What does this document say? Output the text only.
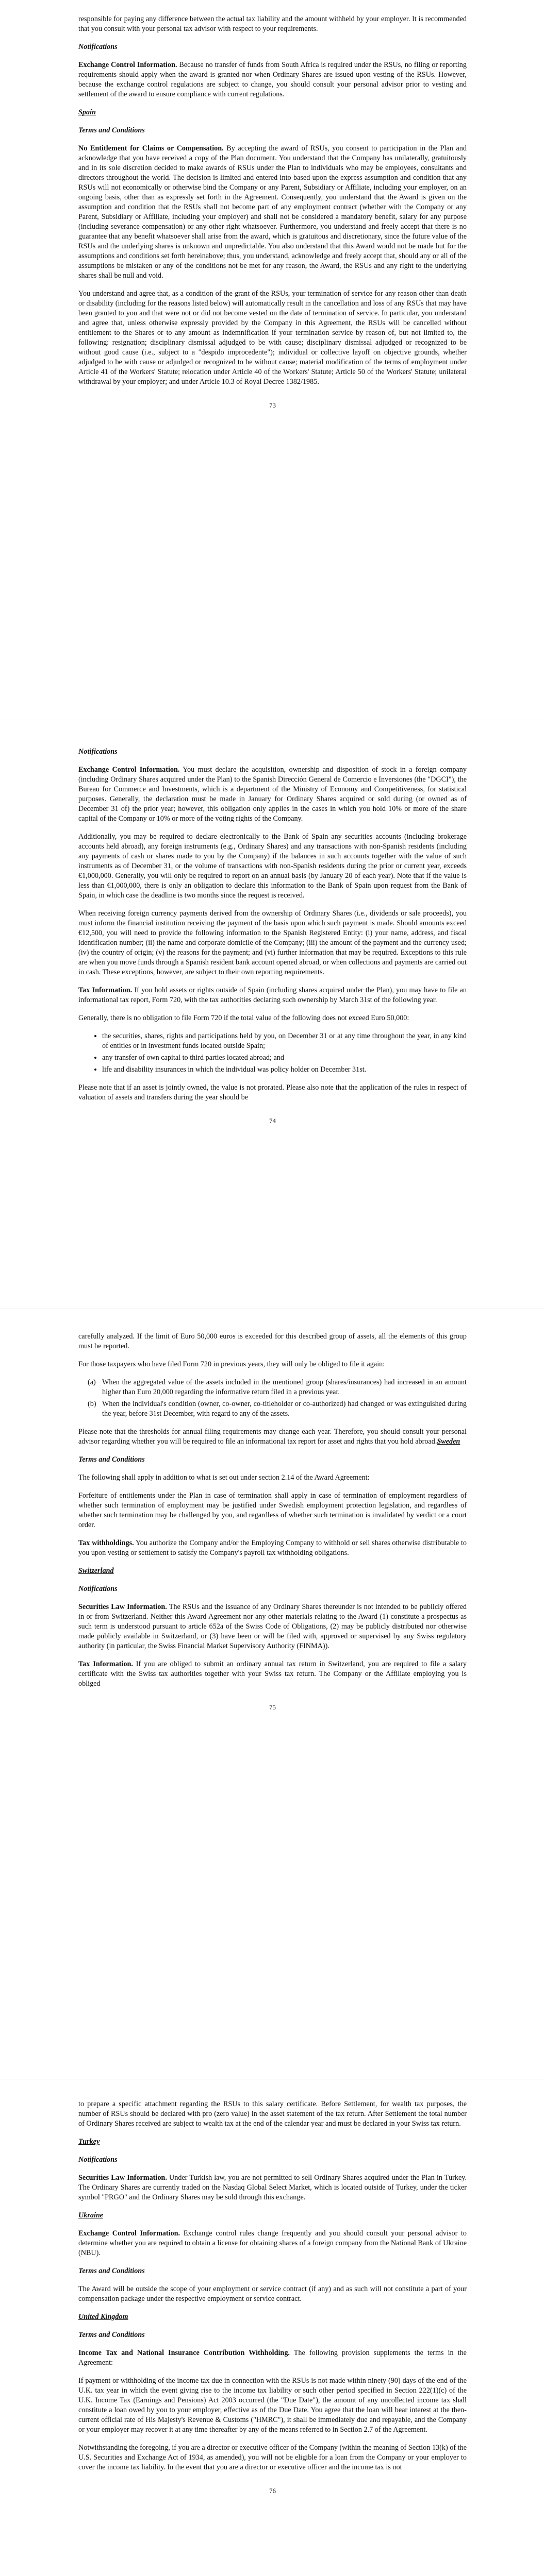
responsible for paying any difference between the actual tax liability and the amount withheld by your employer. It is recommended that you consult with your personal tax advisor with respect to your requirements.

Notifications

Exchange Control Information. Because no transfer of funds from South Africa is required under the RSUs, no filing or reporting requirements should apply when the award is granted nor when Ordinary Shares are issued upon vesting of the RSUs. However, because the exchange control regulations are subject to change, you should consult your personal advisor prior to vesting and settlement of the award to ensure compliance with current regulations.

Spain

Terms and Conditions

No Entitlement for Claims or Compensation. By accepting the award of RSUs, you consent to participation in the Plan and acknowledge that you have received a copy of the Plan document. You understand that the Company has unilaterally, gratuitously and in its sole discretion decided to make awards of RSUs under the Plan to individuals who may be employees, consultants and directors throughout the world. The decision is limited and entered into based upon the express assumption and condition that any RSUs will not economically or otherwise bind the Company or any Parent, Subsidiary or Affiliate, including your employer, on an ongoing basis, other than as expressly set forth in the Agreement. Consequently, you understand that the Award is given on the assumption and condition that the RSUs shall not become part of any employment contract (whether with the Company or any Parent, Subsidiary or Affiliate, including your employer) and shall not be considered a mandatory benefit, salary for any purpose (including severance compensation) or any other right whatsoever. Furthermore, you understand and freely accept that there is no guarantee that any benefit whatsoever shall arise from the award, which is gratuitous and discretionary, since the future value of the RSUs and the underlying shares is unknown and unpredictable. You also understand that this Award would not be made but for the assumptions and conditions set forth hereinabove; thus, you understand, acknowledge and freely accept that, should any or all of the assumptions be mistaken or any of the conditions not be met for any reason, the Award, the RSUs and any right to the underlying shares shall be null and void.

You understand and agree that, as a condition of the grant of the RSUs, your termination of service for any reason other than death or disability (including for the reasons listed below) will automatically result in the cancellation and loss of any RSUs that may have been granted to you and that were not or did not become vested on the date of termination of service. In particular, you understand and agree that, unless otherwise expressly provided by the Company in this Agreement, the RSUs will be cancelled without entitlement to the Shares or to any amount as indemnification if your termination service by reason of, but not limited to, the following: resignation; disciplinary dismissal adjudged to be with cause; disciplinary dismissal adjudged or recognized to be without good cause (i.e., subject to a "despido improcedente"); individual or collective layoff on objective grounds, whether adjudged to be with cause or adjudged or recognized to be without cause; material modification of the terms of employment under Article 41 of the Workers' Statute; relocation under Article 40 of the Workers' Statute; Article 50 of the Workers' Statute; unilateral withdrawal by your employer; and under Article 10.3 of Royal Decree 1382/1985.

73

Notifications

Exchange Control Information. You must declare the acquisition, ownership and disposition of stock in a foreign company (including Ordinary Shares acquired under the Plan) to the Spanish Dirección General de Comercio e Inversiones (the "DGCI"), the Bureau for Commerce and Investments, which is a department of the Ministry of Economy and Competitiveness, for statistical purposes. Generally, the declaration must be made in January for Ordinary Shares acquired or sold during (or owned as of December 31 of) the prior year; however, this obligation only applies in the cases in which you hold 10% or more of the share capital of the Company or 10% or more of the voting rights of the Company.

Additionally, you may be required to declare electronically to the Bank of Spain any securities accounts (including brokerage accounts held abroad), any foreign instruments (e.g., Ordinary Shares) and any transactions with non-Spanish residents (including any payments of cash or shares made to you by the Company) if the balances in such accounts together with the value of such instruments as of December 31, or the volume of transactions with non-Spanish residents during the prior or current year, exceeds €1,000,000. Generally, you will only be required to report on an annual basis (by January 20 of each year). Note that if the value is less than €1,000,000, there is only an obligation to declare this information to the Bank of Spain upon request from the Bank of Spain, in which case the deadline is two months since the request is received.

When receiving foreign currency payments derived from the ownership of Ordinary Shares (i.e., dividends or sale proceeds), you must inform the financial institution receiving the payment of the basis upon which such payment is made. Should amounts exceed €12,500, you will need to provide the following information to the Spanish Registered Entity: (i) your name, address, and fiscal identification number; (ii) the name and corporate domicile of the Company; (iii) the amount of the payment and the currency used; (iv) the country of origin; (v) the reasons for the payment; and (vi) further information that may be required. Exceptions to this rule are when you move funds through a Spanish resident bank account opened abroad, or when collections and payments are carried out in cash. These exceptions, however, are subject to their own reporting requirements.

Tax Information. If you hold assets or rights outside of Spain (including shares acquired under the Plan), you may have to file an informational tax report, Form 720, with the tax authorities declaring such ownership by March 31st of the following year.

Generally, there is no obligation to file Form 720 if the total value of the following does not exceed Euro 50,000:

• the securities, shares, rights and participations held by you, on December 31 or at any time throughout the year, in any kind of entities or in investment funds located outside Spain;
• any transfer of own capital to third parties located abroad; and
• life and disability insurances in which the individual was policy holder on December 31st.

Please note that if an asset is jointly owned, the value is not prorated. Please also note that the application of the rules in respect of valuation of assets and transfers during the year should be

74

carefully analyzed. If the limit of Euro 50,000 euros is exceeded for this described group of assets, all the elements of this group must be reported.

For those taxpayers who have filed Form 720 in previous years, they will only be obliged to file it again:

(a) When the aggregated value of the assets included in the mentioned group (shares/insurances) had increased in an amount higher than Euro 20,000 regarding the informative return filed in a previous year.
(b) When the individual's condition (owner, co-owner, co-titleholder or co-authorized) had changed or was extinguished during the year, before 31st December, with regard to any of the assets.

Please note that the thresholds for annual filing requirements may change each year. Therefore, you should consult your personal advisor regarding whether you will be required to file an informational tax report for asset and rights that you hold abroad.Sweden

Terms and Conditions

The following shall apply in addition to what is set out under section 2.14 of the Award Agreement:

Forfeiture of entitlements under the Plan in case of termination shall apply in case of termination of employment regardless of whether such termination of employment may be justified under Swedish employment protection legislation, and regardless of whether such termination may be challenged by you, and regardless of whether such termination is invalidated by verdict or a court order.

Tax withholdings. You authorize the Company and/or the Employing Company to withhold or sell shares otherwise distributable to you upon vesting or settlement to satisfy the Company's payroll tax withholding obligations.

Switzerland

Notifications

Securities Law Information. The RSUs and the issuance of any Ordinary Shares thereunder is not intended to be publicly offered in or from Switzerland. Neither this Award Agreement nor any other materials relating to the Award (1) constitute a prospectus as such term is understood pursuant to article 652a of the Swiss Code of Obligations, (2) may be publicly distributed nor otherwise made publicly available in Switzerland, or (3) have been or will be filed with, approved or supervised by any Swiss regulatory authority (in particular, the Swiss Financial Market Supervisory Authority (FINMA)).

Tax Information. If you are obliged to submit an ordinary annual tax return in Switzerland, you are required to file a salary certificate with the Swiss tax authorities together with your Swiss tax return. The Company or the Affiliate employing you is obliged

75

to prepare a specific attachment regarding the RSUs to this salary certificate. Before Settlement, for wealth tax purposes, the number of RSUs should be declared with pro (zero value) in the asset statement of the tax return. After Settlement the total number of Ordinary Shares received are subject to wealth tax at the end of the calendar year and must be declared in your Swiss tax return.

Turkey

Notifications

Securities Law Information. Under Turkish law, you are not permitted to sell Ordinary Shares acquired under the Plan in Turkey. The Ordinary Shares are currently traded on the Nasdaq Global Select Market, which is located outside of Turkey, under the ticker symbol "PRGO" and the Ordinary Shares may be sold through this exchange.

Ukraine

Exchange Control Information. Exchange control rules change frequently and you should consult your personal advisor to determine whether you are required to obtain a license for obtaining shares of a foreign company from the National Bank of Ukraine (NBU).

Terms and Conditions

The Award will be outside the scope of your employment or service contract (if any) and as such will not constitute a part of your compensation package under the respective employment or service contract.

United Kingdom

Terms and Conditions

Income Tax and National Insurance Contribution Withholding. The following provision supplements the terms in the Agreement:

If payment or withholding of the income tax due in connection with the RSUs is not made within ninety (90) days of the end of the U.K. tax year in which the event giving rise to the income tax liability or such other period specified in Section 222(1)(c) of the U.K. Income Tax (Earnings and Pensions) Act 2003 occurred (the "Due Date"), the amount of any uncollected income tax shall constitute a loan owed by you to your employer, effective as of the Due Date. You agree that the loan will bear interest at the then-current official rate of His Majesty's Revenue & Customs ("HMRC"), it shall be immediately due and repayable, and the Company or your employer may recover it at any time thereafter by any of the means referred to in Section 2.7 of the Agreement.

Notwithstanding the foregoing, if you are a director or executive officer of the Company (within the meaning of Section 13(k) of the U.S. Securities and Exchange Act of 1934, as amended), you will not be eligible for a loan from the Company or your employer to cover the income tax liability. In the event that you are a director or executive officer and the income tax is not

76
